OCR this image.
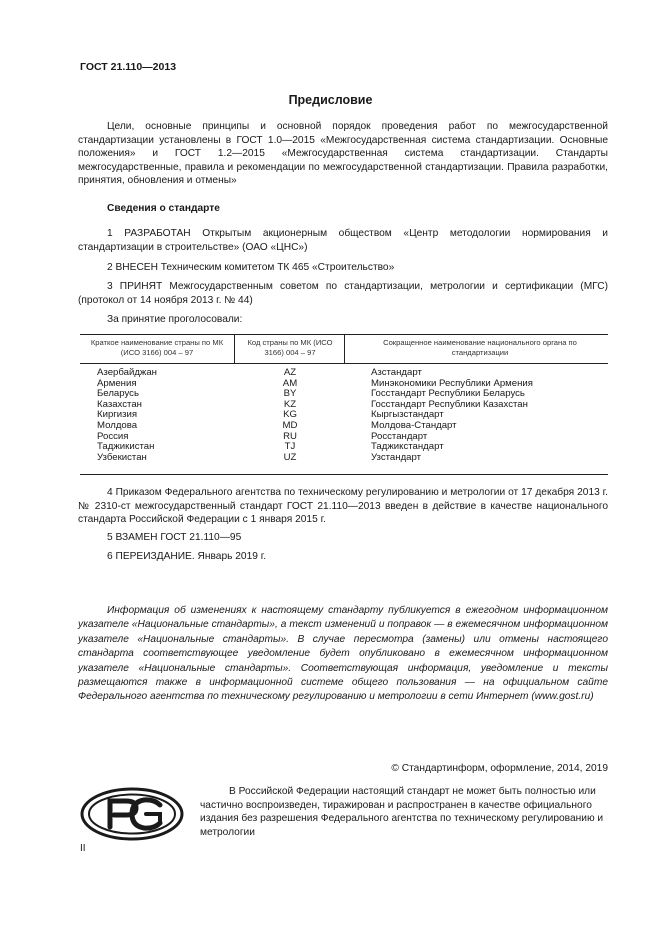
ГОСТ 21.110—2013
Предисловие

Цели, основные принципы и основной порядок проведения работ по межгосударственной стандартизации установлены в ГОСТ 1.0—2015 «Межгосударственная система стандартизации. Основные положения» и ГОСТ 1.2—2015 «Межгосударственная система стандартизации. Стандарты межгосударственные, правила и рекомендации по межгосударственной стандартизации. Правила разработки, принятия, обновления и отмены»

Сведения о стандарте

1 РАЗРАБОТАН Открытым акционерным обществом «Центр методологии нормирования и стандартизации в строительстве» (ОАО «ЦНС»)

2 ВНЕСЕН Техническим комитетом ТК 465 «Строительство»

3 ПРИНЯТ Межгосударственным советом по стандартизации, метрологии и сертификации (МГС) (протокол от 14 ноября 2013 г. № 44)

За принятие проголосовали:
Краткое наименование страны по МК (ИСО 3166) 004 – 97
Код страны по МК (ИСО 3166) 004 – 97
Сокращенное наименование национального органа по стандартизации
Азербайджан
Армения
Беларусь
Казахстан
Киргизия
Молдова
Россия
Таджикистан
Узбекистан
AZ
AM
BY
KZ
KG
MD
RU
TJ
UZ
Азстандарт
Минэкономики Республики Армения
Госстандарт Республики Беларусь
Госстандарт Республики Казахстан
Кыргызстандарт
Молдова-Стандарт
Росстандарт
Таджикстандарт
Узстандарт

4 Приказом Федерального агентства по техническому регулированию и метрологии от 17 декабря 2013 г. № 2310-ст межгосударственный стандарт ГОСТ 21.110—2013 введен в действие в качестве национального стандарта Российской Федерации с 1 января 2015 г.

5 ВЗАМЕН ГОСТ 21.110—95

6 ПЕРЕИЗДАНИЕ. Январь 2019 г.

Информация об изменениях к настоящему стандарту публикуется в ежегодном информационном указателе «Национальные стандарты», а текст изменений и поправок — в ежемесячном информационном указателе «Национальные стандарты». В случае пересмотра (замены) или отмены настоящего стандарта соответствующее уведомление будет опубликовано в ежемесячном информационном указателе «Национальные стандарты». Соответствующая информация, уведомление и тексты размещаются также в информационной системе общего пользования — на официальном сайте Федерального агентства по техническому регулированию и метрологии в сети Интернет (www.gost.ru)

© Стандартинформ, оформление, 2014, 2019

В Российской Федерации настоящий стандарт не может быть полностью или частично воспроизведен, тиражирован и распространен в качестве официального издания без разрешения Федерального агентства по техническому регулированию и метрологии

II
